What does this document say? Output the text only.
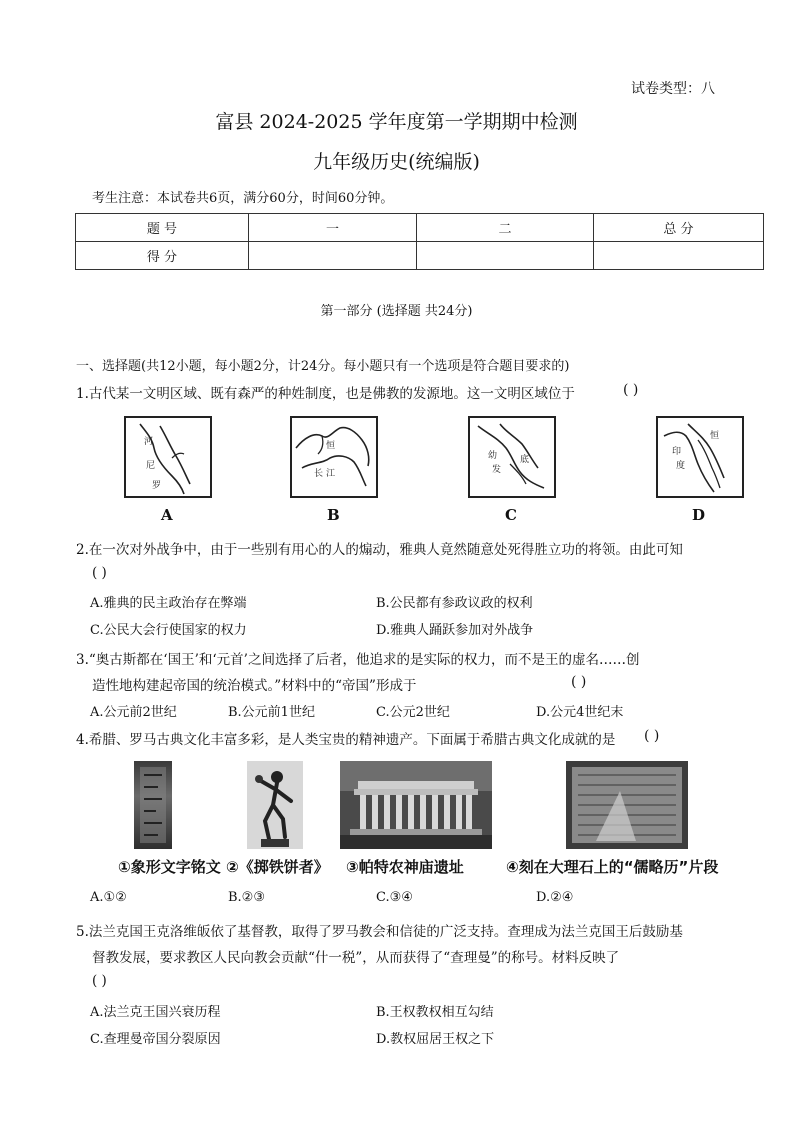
试卷类型：八
富县 2024-2025 学年度第一学期期中检测
九年级历史(统编版)
考生注意：本试卷共6页，满分60分，时间60分钟。
题 号	一	二	总 分
得 分			
第一部分 (选择题 共24分)
一、选择题(共12小题，每小题2分，计24分。每小题只有一个选项是符合题目要求的)
1.古代某一文明区域、既有森严的种姓制度，也是佛教的发源地。这一文明区域位于	( )
河
尼
罗
A
恒
长 江
B
幼
发
底
C
印
度
恒
D
2.在一次对外战争中，由于一些别有用心的人的煽动，雅典人竟然随意处死得胜立功的将领。由此可知
( )
A.雅典的民主政治存在弊端	B.公民都有参政议政的权利
C.公民大会行使国家的权力	D.雅典人踊跃参加对外战争
3.“奥古斯都在‘国王’和‘元首’之间选择了后者，他追求的是实际的权力，而不是王的虚名……创
造性地构建起帝国的统治模式。”材料中的“帝国”形成于	( )
A.公元前2世纪	B.公元前1世纪	C.公元2世纪	D.公元4世纪末
4.希腊、罗马古典文化丰富多彩，是人类宝贵的精神遗产。下面属于希腊古典文化成就的是 ( )
①象形文字铭文 ②《掷铁饼者》 ③帕特农神庙遗址	④刻在大理石上的“儒略历”片段
A.①②	B.②③	C.③④	D.②④
5.法兰克国王克洛维皈依了基督教，取得了罗马教会和信徒的广泛支持。查理成为法兰克国王后鼓励基
督教发展，要求教区人民向教会贡献“什一税”，从而获得了“查理曼”的称号。材料反映了
( )
A.法兰克王国兴衰历程	B.王权教权相互勾结
C.查理曼帝国分裂原因	D.教权屈居王权之下
